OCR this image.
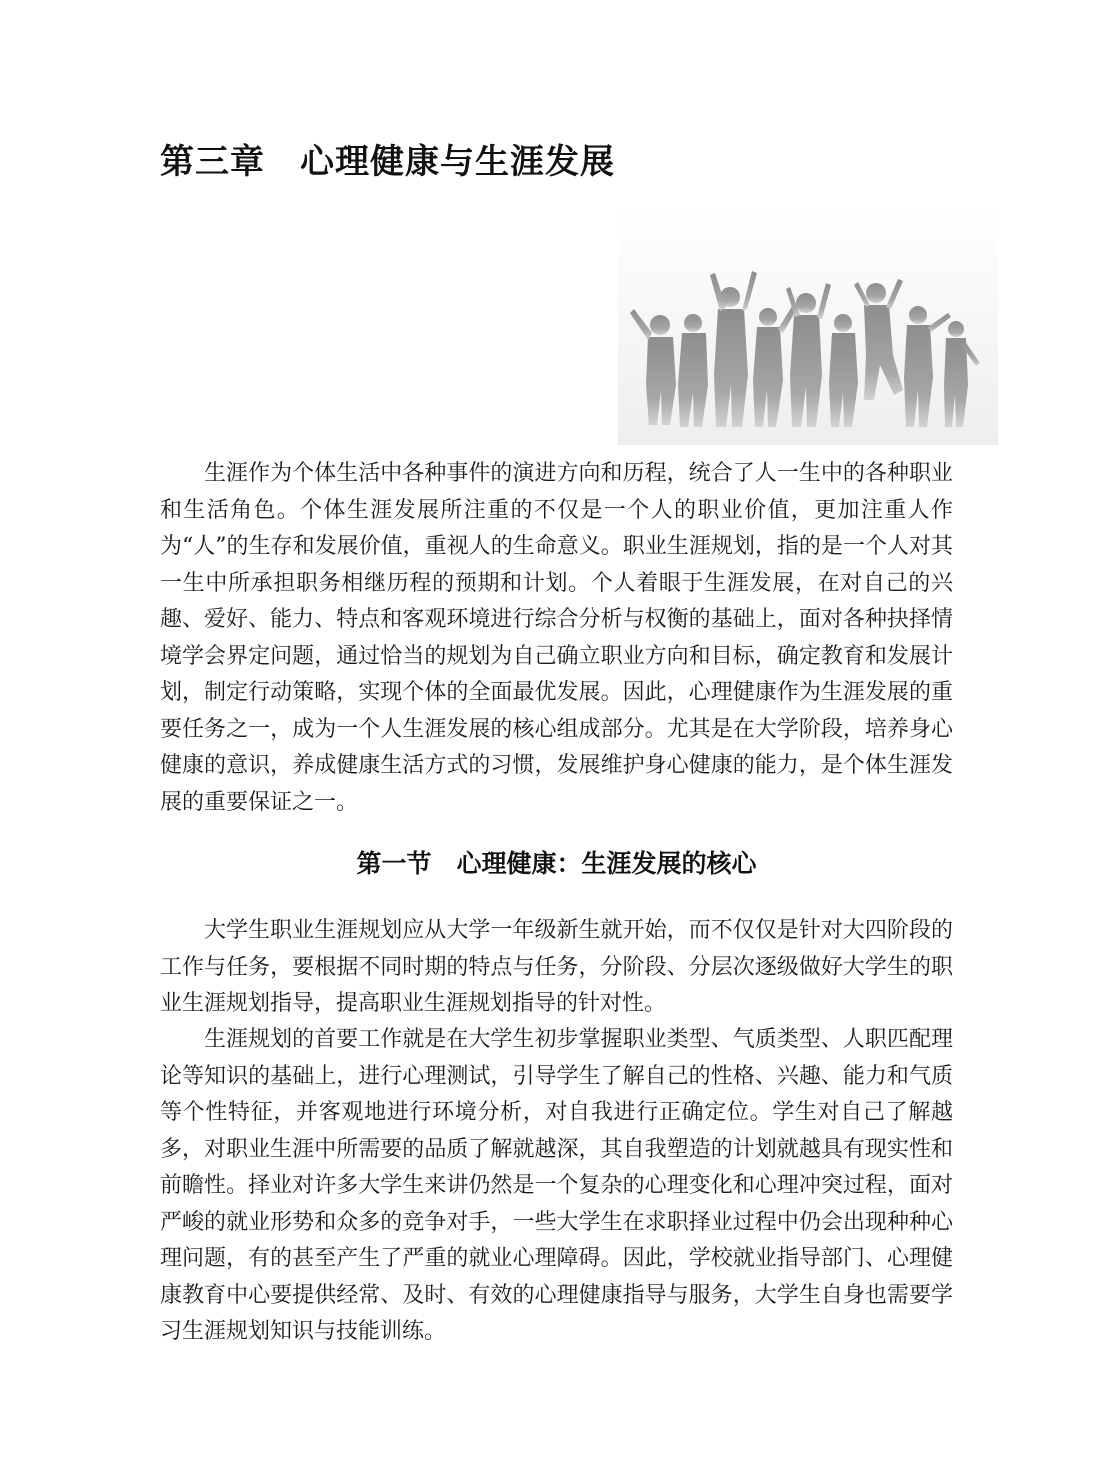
第三章　心理健康与生涯发展

生涯作为个体生活中各种事件的演进方向和历程，统合了人一生中的各种职业和生活角色。个体生涯发展所注重的不仅是一个人的职业价值，更加注重人作为“人”的生存和发展价值，重视人的生命意义。职业生涯规划，指的是一个人对其一生中所承担职务相继历程的预期和计划。个人着眼于生涯发展，在对自己的兴趣、爱好、能力、特点和客观环境进行综合分析与权衡的基础上，面对各种抉择情境学会界定问题，通过恰当的规划为自己确立职业方向和目标，确定教育和发展计划，制定行动策略，实现个体的全面最优发展。因此，心理健康作为生涯发展的重要任务之一，成为一个人生涯发展的核心组成部分。尤其是在大学阶段，培养身心健康的意识，养成健康生活方式的习惯，发展维护身心健康的能力，是个体生涯发展的重要保证之一。

第一节　心理健康：生涯发展的核心

大学生职业生涯规划应从大学一年级新生就开始，而不仅仅是针对大四阶段的工作与任务，要根据不同时期的特点与任务，分阶段、分层次逐级做好大学生的职业生涯规划指导，提高职业生涯规划指导的针对性。

生涯规划的首要工作就是在大学生初步掌握职业类型、气质类型、人职匹配理论等知识的基础上，进行心理测试，引导学生了解自己的性格、兴趣、能力和气质等个性特征，并客观地进行环境分析，对自我进行正确定位。学生对自己了解越多，对职业生涯中所需要的品质了解就越深，其自我塑造的计划就越具有现实性和前瞻性。择业对许多大学生来讲仍然是一个复杂的心理变化和心理冲突过程，面对严峻的就业形势和众多的竞争对手，一些大学生在求职择业过程中仍会出现种种心理问题，有的甚至产生了严重的就业心理障碍。因此，学校就业指导部门、心理健康教育中心要提供经常、及时、有效的心理健康指导与服务，大学生自身也需要学习生涯规划知识与技能训练。
